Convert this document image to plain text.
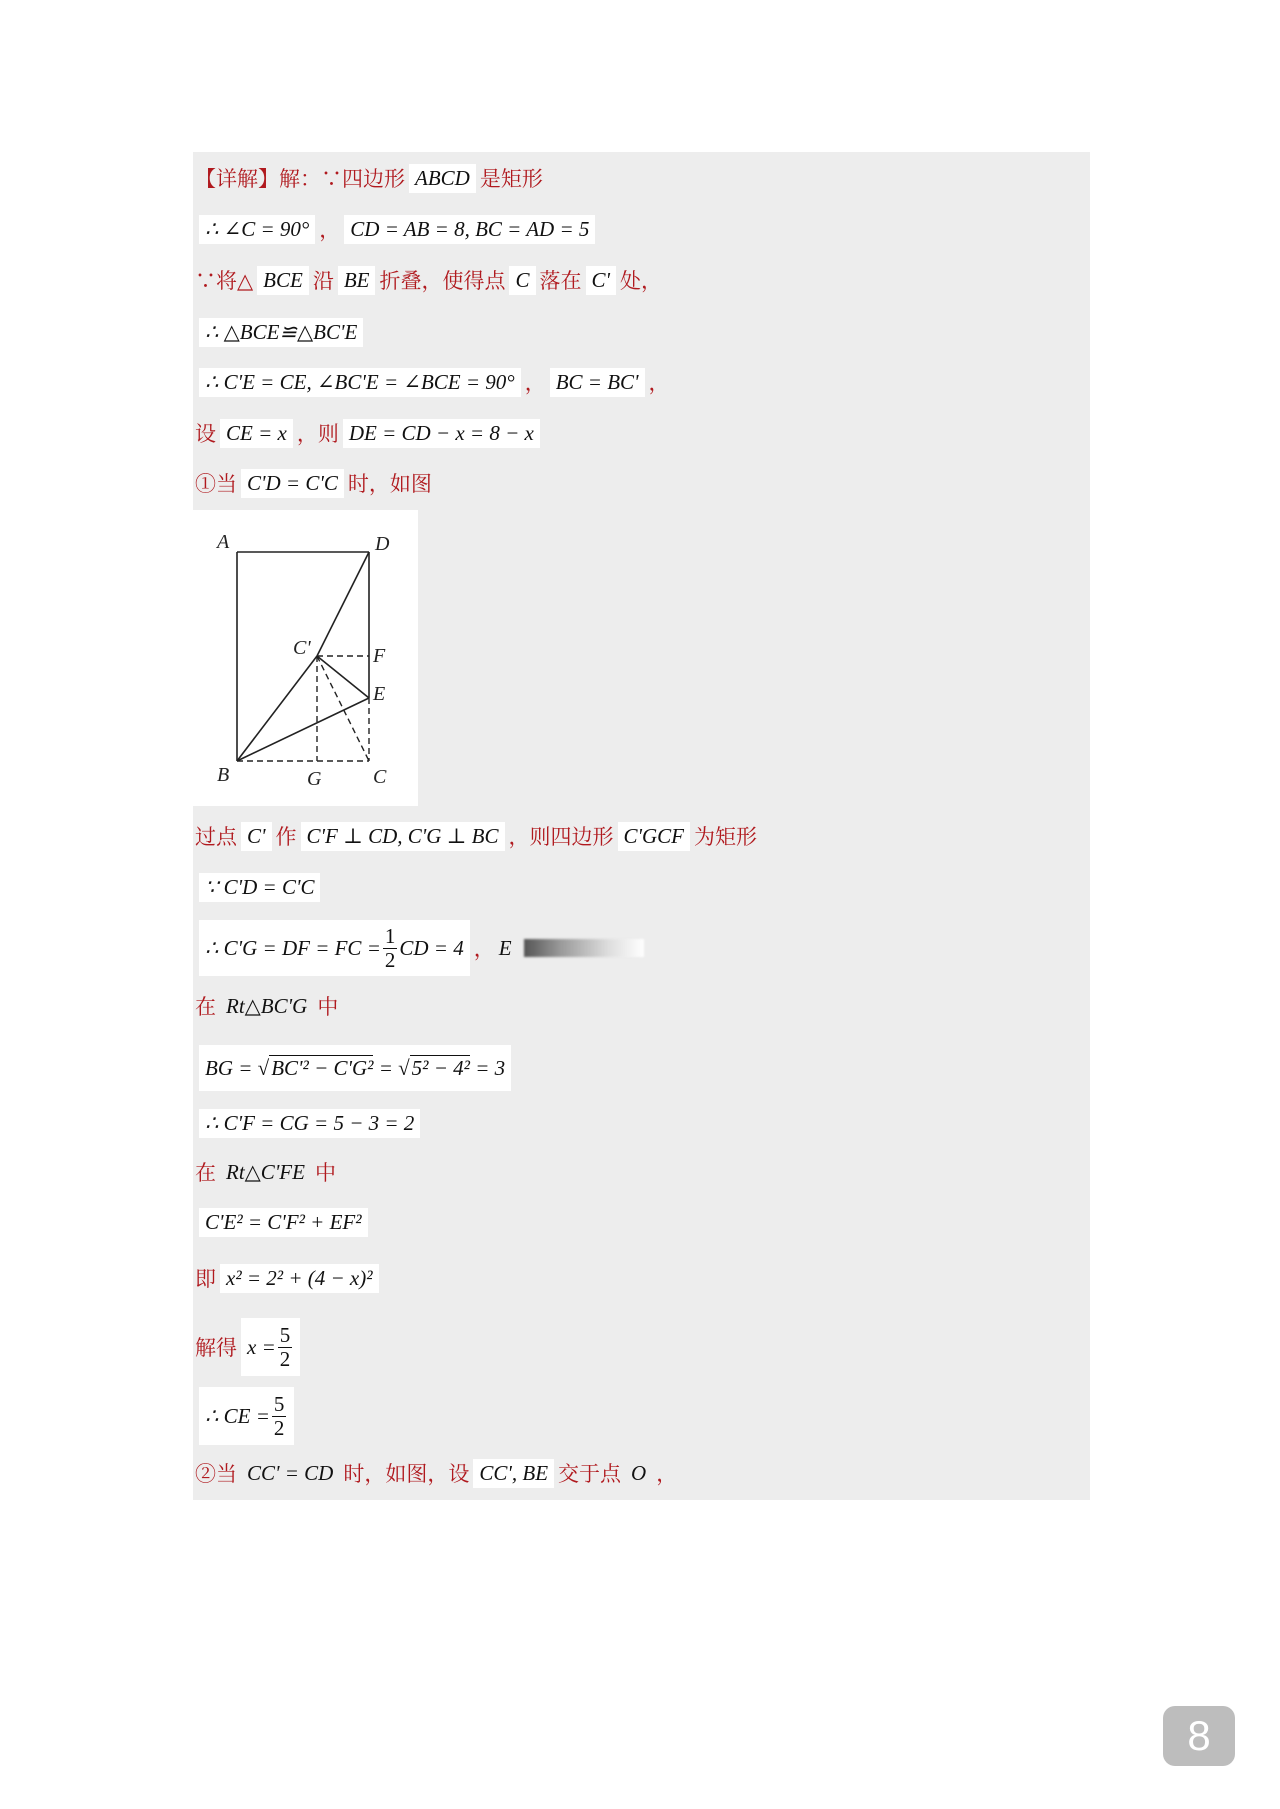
【详解】解：∵四边形 ABCD 是矩形
∴
∠C = 90° ， CD = AB = 8, BC = AD = 5
∵将△ BCE 沿 BE 折叠，使得点 C 落在 C' 处，
∴ △BCE≌△BC'E
∴ C'E = CE, ∠BC'E = ∠BCE = 90° ， BC = BC' ，
设 CE = x ，则 DE = CD − x = 8 − x
①当 C'D = C'C 时，如图
A	D
C'	F
E
B	G	C
过点 C' 作 C'F ⊥ CD, C'G ⊥ BC ，则四边形 C'GCF 为矩形
∵ C'D = C'C
∴ C'G = DF = FC = $\frac{1}{2}$ CD = 4 ， E
在 Rt△BC'G 中
BG = √ BC'² − C'G²
= √ 5² − 4²
= 3
∴ C'F = CG = 5 − 3 = 2
在 Rt△C'FE 中
C'E² = C'F² + EF²
即 x² = 2² + (4 − x)²
解得 $x = \frac{5}{2}$
∴ CE = $\frac{5}{2}$
②当 CC' = CD 时，如图，设 CC', BE 交于点 O ，
8
